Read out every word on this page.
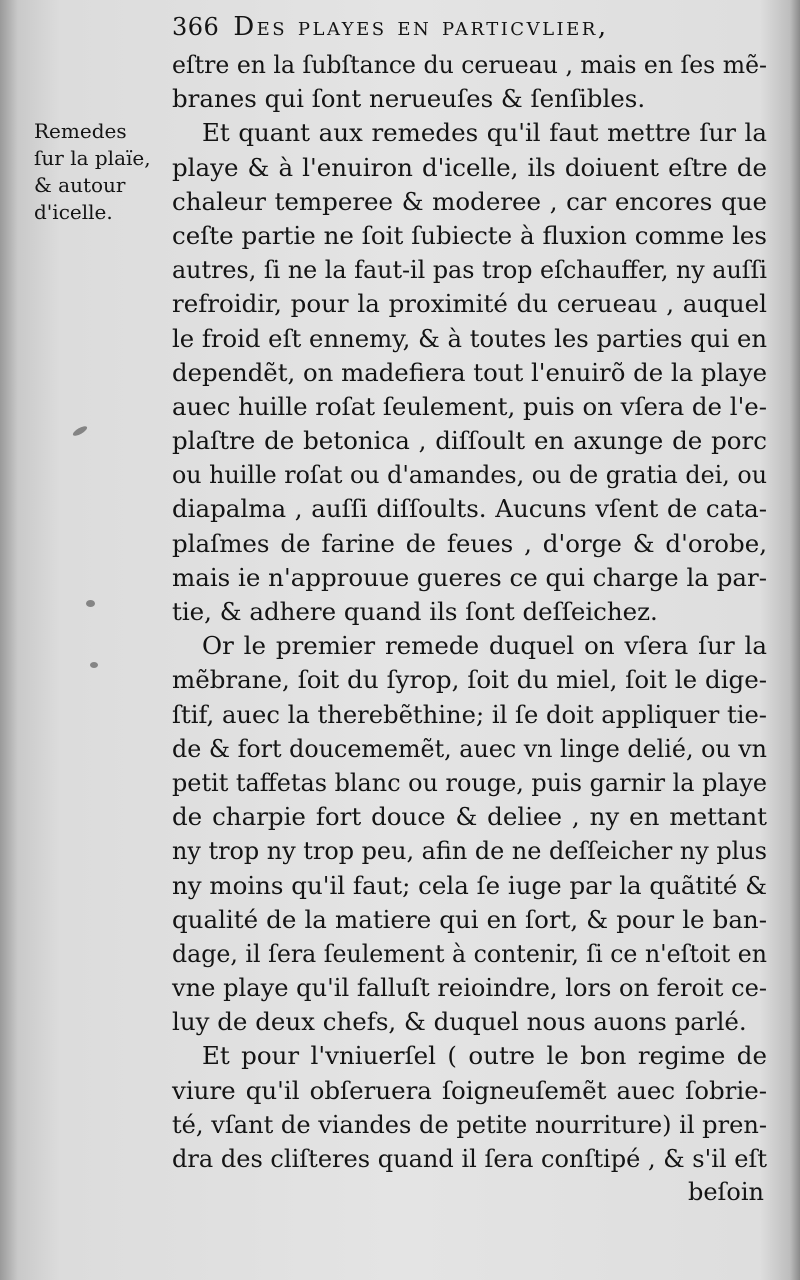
366 Des playes en particvlier,
Remedes
ſur la plaïe,
& autour
d'icelle.
eſtre en la ſubſtance du cerueau , mais en ſes mẽ-
branes qui ſont nerueuſes & ſenſibles.
Et quant aux remedes qu'il faut mettre ſur la
playe & à l'enuiron d'icelle, ils doiuent eſtre de
chaleur temperee & moderee , car encores que
ceſte partie ne ſoit ſubiecte à fluxion comme les
autres, ſi ne la faut-il pas trop eſchauffer, ny auſſi
refroidir, pour la proximité du cerueau , auquel
le froid eſt ennemy, & à toutes les parties qui en
dependẽt, on madefiera tout l'enuirõ de la playe
auec huille roſat ſeulement, puis on vſera de l'e-
plaſtre de betonica , diſſoult en axunge de porc
ou huille roſat ou d'amandes, ou de gratia dei, ou
diapalma , auſſi diſſoults. Aucuns vſent de cata-
plaſmes de farine de feues , d'orge & d'orobe,
mais ie n'approuue gueres ce qui charge la par-
tie, & adhere quand ils ſont deſſeichez.
Or le premier remede duquel on vſera ſur la
mẽbrane, ſoit du ſyrop, ſoit du miel, ſoit le dige-
ſtif, auec la therebẽthine; il ſe doit appliquer tie-
de & fort doucememẽt, auec vn linge delié, ou vn
petit taffetas blanc ou rouge, puis garnir la playe
de charpie fort douce & deliee , ny en mettant
ny trop ny trop peu, afin de ne deſſeicher ny plus
ny moins qu'il faut; cela ſe iuge par la quãtité &
qualité de la matiere qui en ſort, & pour le ban-
dage, il ſera ſeulement à contenir, ſi ce n'eſtoit en
vne playe qu'il falluſt reioindre, lors on feroit ce-
luy de deux chefs, & duquel nous auons parlé.
Et pour l'vniuerſel ( outre le bon regime de
viure qu'il obſeruera ſoigneuſemẽt auec ſobrie-
té, vſant de viandes de petite nourriture) il pren-
dra des cliſteres quand il ſera conſtipé , & s'il eſt
beſoin
